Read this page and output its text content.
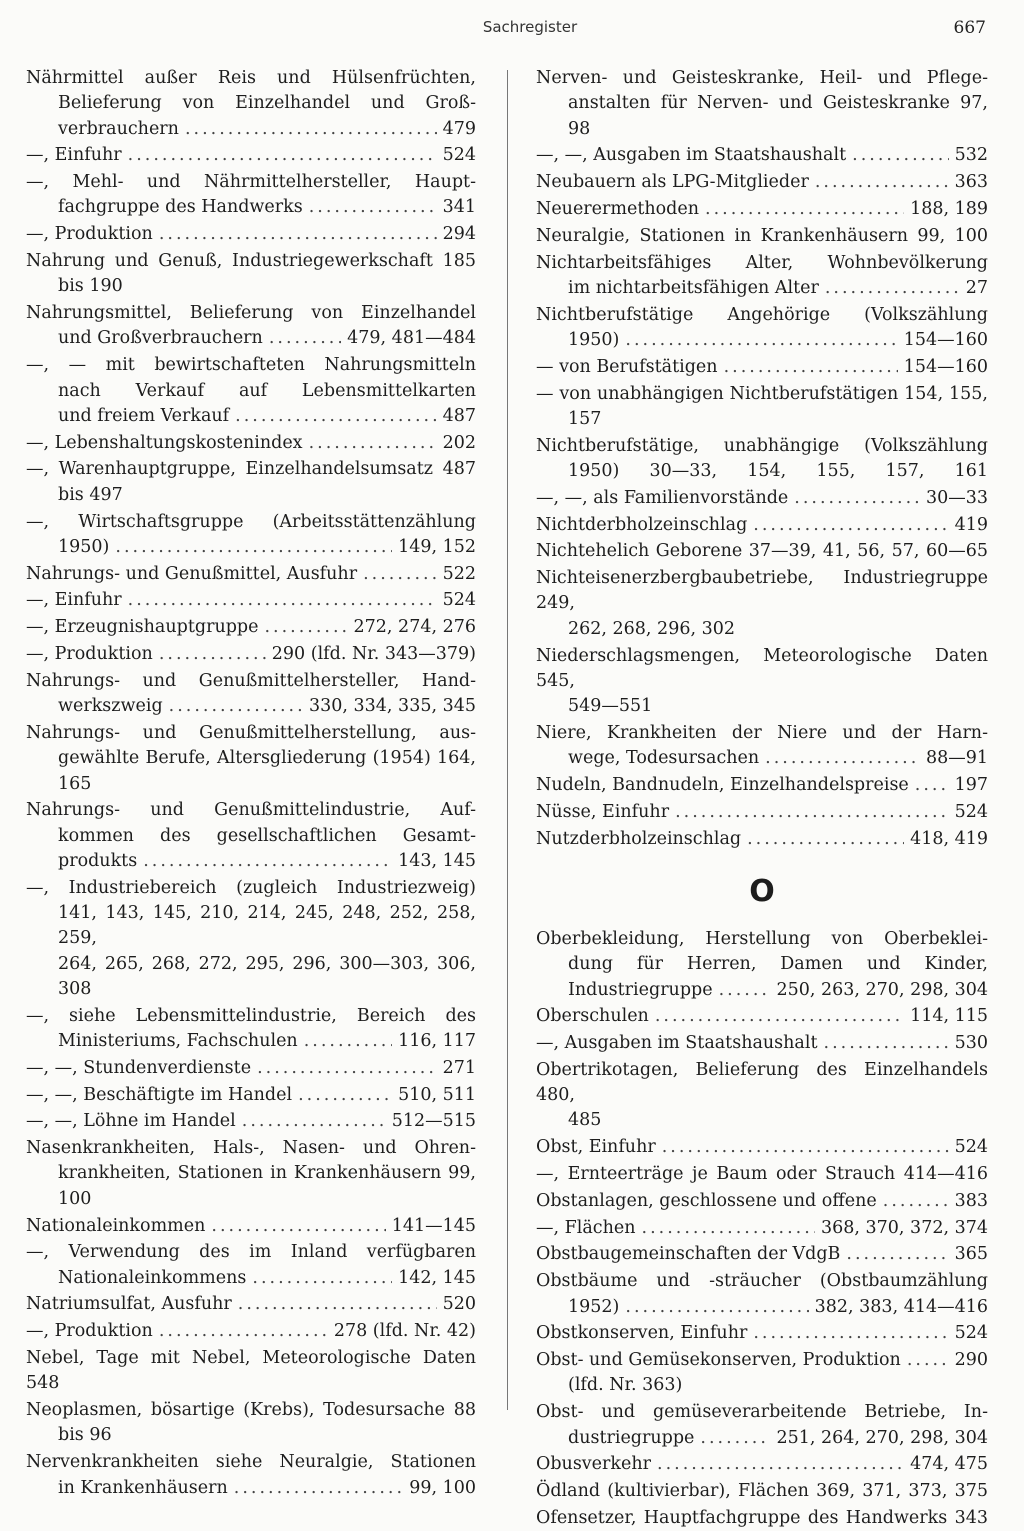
Sachregister	667
Nährmittel außer Reis und Hülsenfrüchten,
Belieferung von Einzelhandel und Groß-
verbrauchern .....	479
—, Einfuhr .....	524
—, Mehl- und Nährmittelhersteller, Haupt-
fachgruppe des Handwerks .....	341
—, Produktion .....	294
Nahrung und Genuß, Industriegewerkschaft 185
bis 190
Nahrungsmittel, Belieferung von Einzelhandel
und Großverbrauchern .....	479, 481—484
—, — mit bewirtschafteten Nahrungsmitteln
nach Verkauf auf Lebensmittelkarten
und freiem Verkauf .....	487
—, Lebenshaltungskostenindex .....	202
—, Warenhauptgruppe, Einzelhandelsumsatz 487
bis 497
—, Wirtschaftsgruppe (Arbeitsstättenzählung
1950) .....	149, 152
Nahrungs- und Genußmittel, Ausfuhr .....	522
—, Einfuhr .....	524
—, Erzeugnishauptgruppe .....	272, 274, 276
—, Produktion .....	290 (lfd. Nr. 343—379)
Nahrungs- und Genußmittelhersteller, Hand-
werkszweig .....	330, 334, 335, 345
Nahrungs- und Genußmittelherstellung, aus-
gewählte Berufe, Altersgliederung (1954) 164,
165
Nahrungs- und Genußmittelindustrie, Auf-
kommen des gesellschaftlichen Gesamt-
produkts .....	143, 145
—, Industriebereich (zugleich Industriezweig)
141, 143, 145, 210, 214, 245, 248, 252, 258, 259,
264, 265, 268, 272, 295, 296, 300—303, 306, 308
—, siehe Lebensmittelindustrie, Bereich des
Ministeriums, Fachschulen .....	116, 117
—, —, Stundenverdienste .....	271
—, —, Beschäftigte im Handel .....	510, 511
—, —, Löhne im Handel .....	512—515
Nasenkrankheiten, Hals-, Nasen- und Ohren-
krankheiten, Stationen in Krankenhäusern 99,
100
Nationaleinkommen .....	141—145
—, Verwendung des im Inland verfügbaren
Nationaleinkommens .....	142, 145
Natriumsulfat, Ausfuhr .....	520
—, Produktion .....	278 (lfd. Nr. 42)
Nebel, Tage mit Nebel, Meteorologische Daten 548
Neoplasmen, bösartige (Krebs), Todesursache 88
bis 96
Nervenkrankheiten siehe Neuralgie, Stationen
in Krankenhäusern .....	99, 100
Nerven- und Geisteskranke, Heil- und Pflege-
anstalten für Nerven- und Geisteskranke 97,
98
—, —, Ausgaben im Staatshaushalt .....	532
Neubauern als LPG-Mitglieder .....	363
Neuerermethoden .....	188, 189
Neuralgie, Stationen in Krankenhäusern 99, 100
Nichtarbeitsfähiges Alter, Wohnbevölkerung
im nichtarbeitsfähigen Alter .....	27
Nichtberufstätige Angehörige (Volkszählung
1950) .....	154—160
— von Berufstätigen .....	154—160
— von unabhängigen Nichtberufstätigen 154, 155,
157
Nichtberufstätige, unabhängige (Volkszählung
1950) 30—33, 154, 155, 157, 161
—, —, als Familienvorstände .....	30—33
Nichtderbholzeinschlag .....	419
Nichtehelich Geborene 37—39, 41, 56, 57, 60—65
Nichteisenerzbergbaubetriebe, Industriegruppe 249,
262, 268, 296, 302
Niederschlagsmengen, Meteorologische Daten 545,
549—551
Niere, Krankheiten der Niere und der Harn-
wege, Todesursachen .....	88—91
Nudeln, Bandnudeln, Einzelhandelspreise .....	197
Nüsse, Einfuhr .....	524
Nutzderbholzeinschlag .....	418, 419
O
Oberbekleidung, Herstellung von Oberbeklei-
dung für Herren, Damen und Kinder,
Industriegruppe .....	250, 263, 270, 298, 304
Oberschulen .....	114, 115
—, Ausgaben im Staatshaushalt .....	530
Obertrikotagen, Belieferung des Einzelhandels 480,
485
Obst, Einfuhr .....	524
—, Ernteerträge je Baum oder Strauch 414—416
Obstanlagen, geschlossene und offene .....	383
—, Flächen .....	368, 370, 372, 374
Obstbaugemeinschaften der VdgB .....	365
Obstbäume und -sträucher (Obstbaumzählung
1952) .....	382, 383, 414—416
Obstkonserven, Einfuhr .....	524
Obst- und Gemüsekonserven, Produktion .....	290
(lfd. Nr. 363)
Obst- und gemüseverarbeitende Betriebe, In-
dustriegruppe .....	251, 264, 270, 298, 304
Obusverkehr .....	474, 475
Ödland (kultivierbar), Flächen 369, 371, 373, 375
Ofensetzer, Hauptfachgruppe des Handwerks 343
